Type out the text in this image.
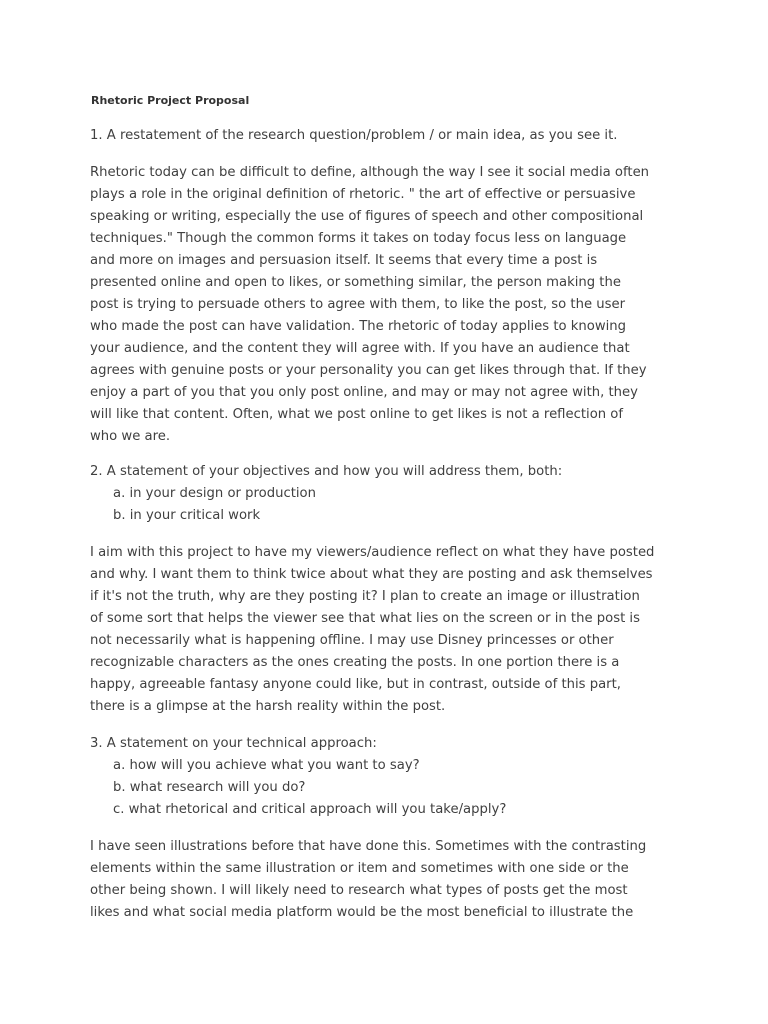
Rhetoric Project Proposal
1. A restatement of the research question/problem / or main idea, as you see it.
Rhetoric today can be difficult to define, although the way I see it social media often
plays a role in the original definition of rhetoric. " the art of effective or persuasive
speaking or writing, especially the use of figures of speech and other compositional
techniques." Though the common forms it takes on today focus less on language
and more on images and persuasion itself. It seems that every time a post is
presented online and open to likes, or something similar, the person making the
post is trying to persuade others to agree with them, to like the post, so the user
who made the post can have validation. The rhetoric of today applies to knowing
your audience, and the content they will agree with. If you have an audience that
agrees with genuine posts or your personality you can get likes through that. If they
enjoy a part of you that you only post online, and may or may not agree with, they
will like that content. Often, what we post online to get likes is not a reflection of
who we are.
2. A statement of your objectives and how you will address them, both:
a. in your design or production
b. in your critical work
I aim with this project to have my viewers/audience reflect on what they have posted
and why. I want them to think twice about what they are posting and ask themselves
if it's not the truth, why are they posting it? I plan to create an image or illustration
of some sort that helps the viewer see that what lies on the screen or in the post is
not necessarily what is happening offline. I may use Disney princesses or other
recognizable characters as the ones creating the posts. In one portion there is a
happy, agreeable fantasy anyone could like, but in contrast, outside of this part,
there is a glimpse at the harsh reality within the post.
3. A statement on your technical approach:
a. how will you achieve what you want to say?
b. what research will you do?
c. what rhetorical and critical approach will you take/apply?
I have seen illustrations before that have done this. Sometimes with the contrasting
elements within the same illustration or item and sometimes with one side or the
other being shown. I will likely need to research what types of posts get the most
likes and what social media platform would be the most beneficial to illustrate the
